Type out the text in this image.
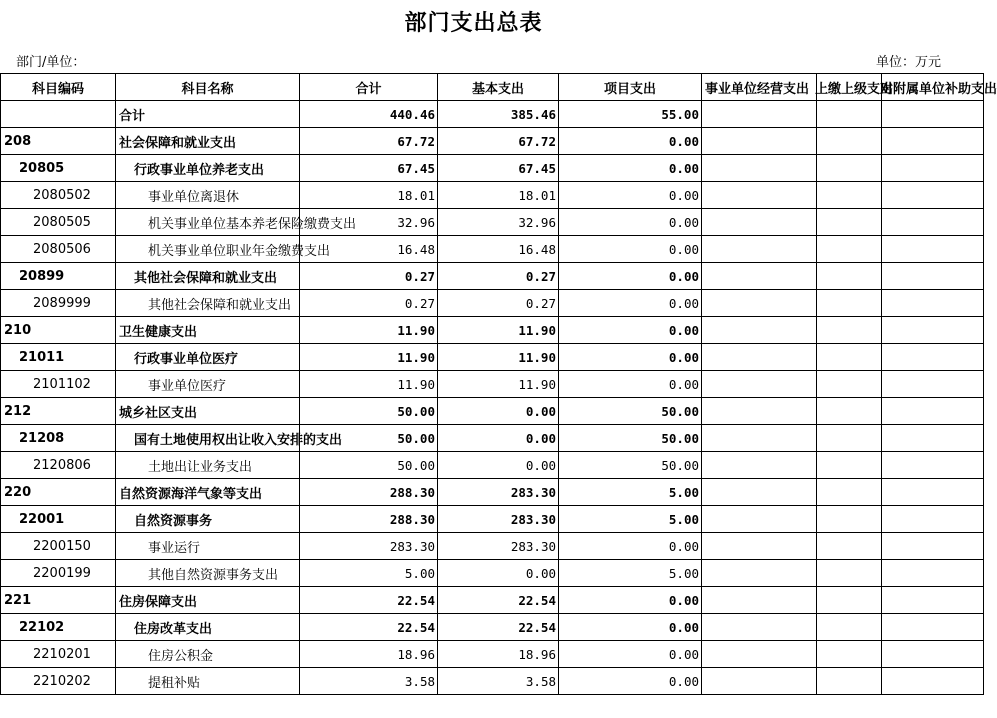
部门支出总表
部门/单位：	单位：万元
科目编码	科目名称	合计	基本支出	项目支出	事业单位经营支出	上缴上级支出	对附属单位补助支出
	合计	440.46	385.46	55.00			
208	社会保障和就业支出	67.72	67.72	0.00			
20805	行政事业单位养老支出	67.45	67.45	0.00			
2080502	事业单位离退休	18.01	18.01	0.00			
2080505	机关事业单位基本养老保险缴费支出	32.96	32.96	0.00			
2080506	机关事业单位职业年金缴费支出	16.48	16.48	0.00			
20899	其他社会保障和就业支出	0.27	0.27	0.00			
2089999	其他社会保障和就业支出	0.27	0.27	0.00			
210	卫生健康支出	11.90	11.90	0.00			
21011	行政事业单位医疗	11.90	11.90	0.00			
2101102	事业单位医疗	11.90	11.90	0.00			
212	城乡社区支出	50.00	0.00	50.00			
21208	国有土地使用权出让收入安排的支出	50.00	0.00	50.00			
2120806	土地出让业务支出	50.00	0.00	50.00			
220	自然资源海洋气象等支出	288.30	283.30	5.00			
22001	自然资源事务	288.30	283.30	5.00			
2200150	事业运行	283.30	283.30	0.00			
2200199	其他自然资源事务支出	5.00	0.00	5.00			
221	住房保障支出	22.54	22.54	0.00			
22102	住房改革支出	22.54	22.54	0.00			
2210201	住房公积金	18.96	18.96	0.00			
2210202	提租补贴	3.58	3.58	0.00			
